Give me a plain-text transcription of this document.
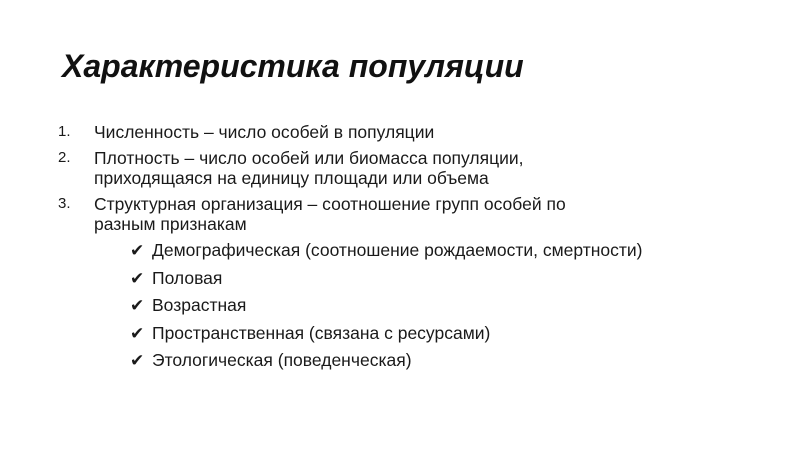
Характеристика популяции
1. Численность – число особей в популяции
2. Плотность – число особей или биомасса популяции,
приходящаяся на единицу площади или объема
3. Структурная организация – соотношение групп особей по
разным признакам
✔ Демографическая (соотношение рождаемости, смертности)
✔ Половая
✔ Возрастная
✔ Пространственная (связана с ресурсами)
✔ Этологическая (поведенческая)
